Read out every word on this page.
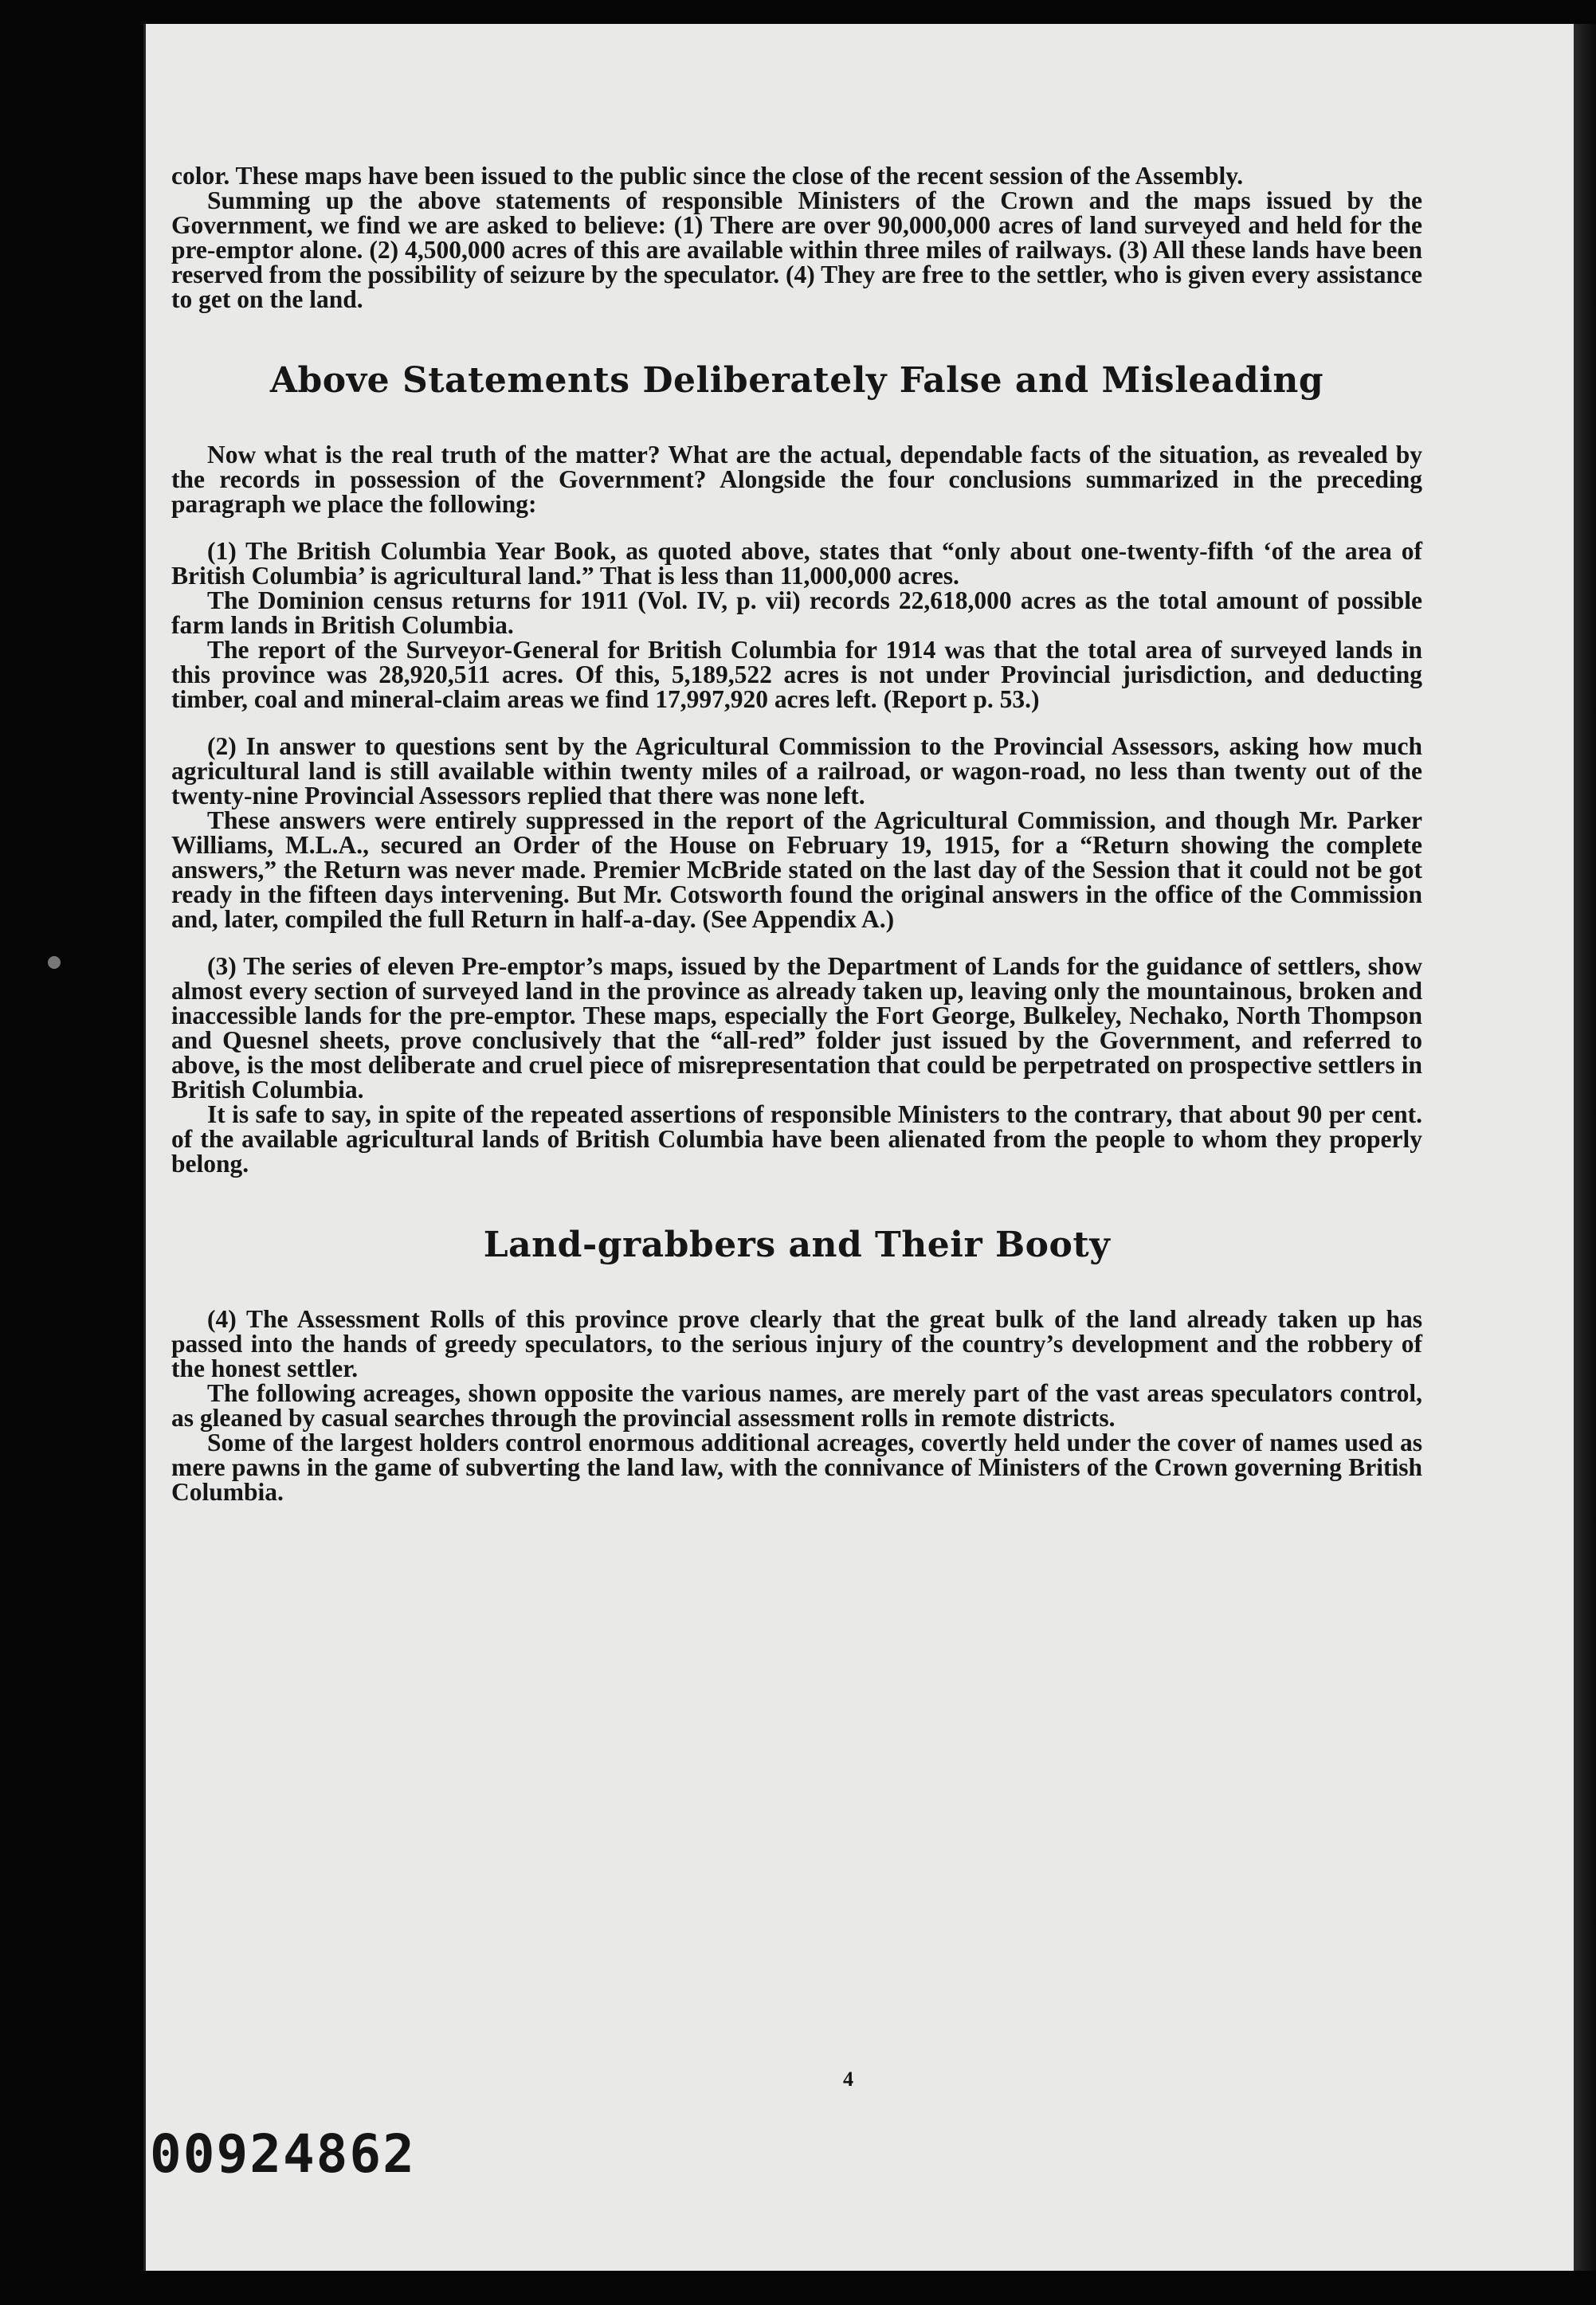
color. These maps have been issued to the public since the close of the recent session of the Assembly.

Summing up the above statements of responsible Ministers of the Crown and the maps issued by the Government, we find we are asked to believe: (1) There are over 90,000,000 acres of land surveyed and held for the pre-emptor alone. (2) 4,500,000 acres of this are available within three miles of railways. (3) All these lands have been reserved from the possibility of seizure by the speculator. (4) They are free to the settler, who is given every assistance to get on the land.

Above Statements Deliberately False and Misleading

Now what is the real truth of the matter? What are the actual, dependable facts of the situation, as revealed by the records in possession of the Government? Alongside the four conclusions summarized in the preceding paragraph we place the following:

(1) The British Columbia Year Book, as quoted above, states that “only about one-twenty-fifth ‘of the area of British Columbia’ is agricultural land.” That is less than 11,000,000 acres.

The Dominion census returns for 1911 (Vol. IV, p. vii) records 22,618,000 acres as the total amount of possible farm lands in British Columbia.

The report of the Surveyor-General for British Columbia for 1914 was that the total area of surveyed lands in this province was 28,920,511 acres. Of this, 5,189,522 acres is not under Provincial jurisdiction, and deducting timber, coal and mineral-claim areas we find 17,997,920 acres left. (Report p. 53.)

(2) In answer to questions sent by the Agricultural Commission to the Provincial Assessors, asking how much agricultural land is still available within twenty miles of a railroad, or wagon-road, no less than twenty out of the twenty-nine Provincial Assessors replied that there was none left.

These answers were entirely suppressed in the report of the Agricultural Commission, and though Mr. Parker Williams, M.L.A., secured an Order of the House on February 19, 1915, for a “Return showing the complete answers,” the Return was never made. Premier McBride stated on the last day of the Session that it could not be got ready in the fifteen days intervening. But Mr. Cotsworth found the original answers in the office of the Commission and, later, compiled the full Return in half-a-day. (See Appendix A.)

(3) The series of eleven Pre-emptor’s maps, issued by the Department of Lands for the guidance of settlers, show almost every section of surveyed land in the province as already taken up, leaving only the mountainous, broken and inaccessible lands for the pre-emptor. These maps, especially the Fort George, Bulkeley, Nechako, North Thompson and Quesnel sheets, prove conclusively that the “all-red” folder just issued by the Government, and referred to above, is the most deliberate and cruel piece of misrepresentation that could be perpetrated on prospective settlers in British Columbia.

It is safe to say, in spite of the repeated assertions of responsible Ministers to the contrary, that about 90 per cent. of the available agricultural lands of British Columbia have been alienated from the people to whom they properly belong.

Land-grabbers and Their Booty

(4) The Assessment Rolls of this province prove clearly that the great bulk of the land already taken up has passed into the hands of greedy speculators, to the serious injury of the country’s development and the robbery of the honest settler.

The following acreages, shown opposite the various names, are merely part of the vast areas speculators control, as gleaned by casual searches through the provincial assessment rolls in remote districts.

Some of the largest holders control enormous additional acreages, covertly held under the cover of names used as mere pawns in the game of subverting the land law, with the connivance of Ministers of the Crown governing British Columbia.

4
00924862
